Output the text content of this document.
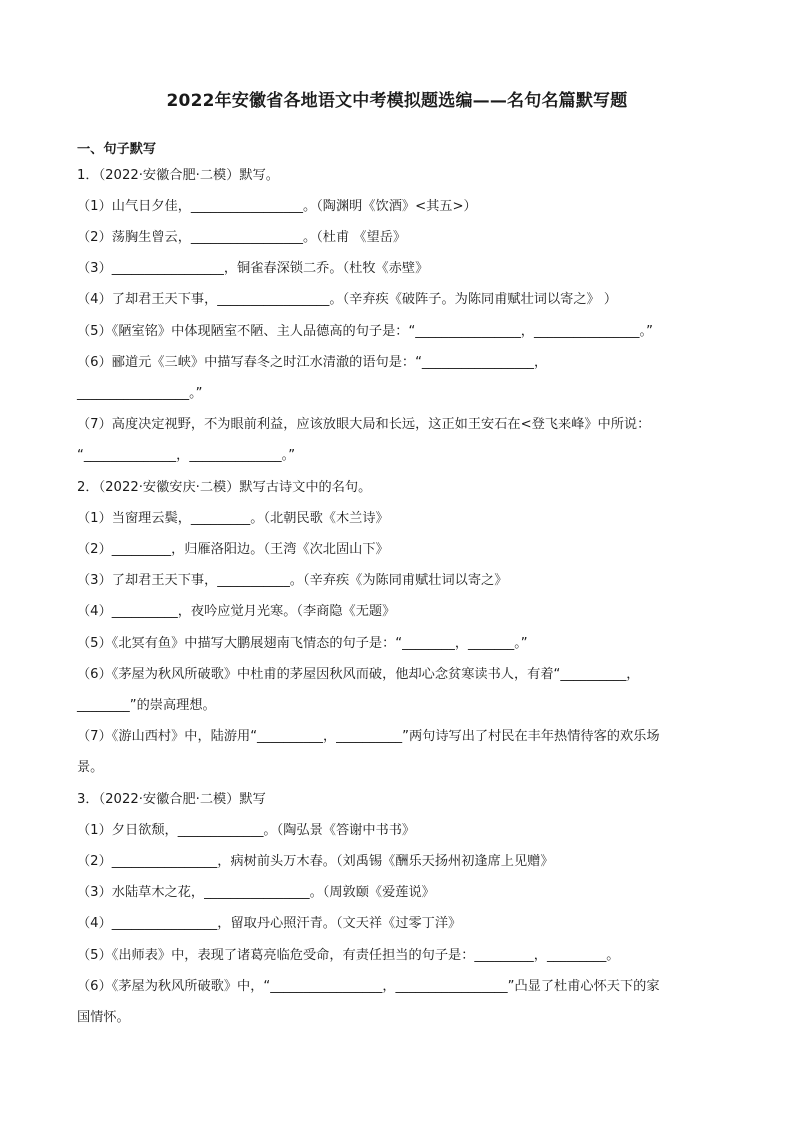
2022年安徽省各地语文中考模拟题选编——名句名篇默写题
一、句子默写
1．（2022·安徽合肥·二模）默写。
（1）山气日夕佳，_________________。（陶渊明《饮酒》<其五>）
（2）荡胸生曾云，_________________。（杜甫 《望岳》
（3）_________________，铜雀春深锁二乔。（杜牧《赤壁》
（4）了却君王天下事，_________________。（辛弃疾《破阵子。为陈同甫赋壮词以寄之》 ）
（5）《陋室铭》中体现陋室不陋、主人品德高的句子是：“________________，________________。”
（6）郦道元《三峡》中描写春冬之时江水清澈的语句是：“_________________，
_________________。”
（7）高度决定视野，不为眼前利益，应该放眼大局和长远，这正如王安石在<登飞来峰》中所说：
“______________，______________。”
2．（2022·安徽安庆·二模）默写古诗文中的名句。
（1）当窗理云鬓，_________。（北朝民歌《木兰诗》
（2）_________，归雁洛阳边。（王湾《次北固山下》
（3）了却君王天下事，___________。（辛弃疾《为陈同甫赋壮词以寄之》
（4）__________，夜吟应觉月光寒。（李商隐《无题》
（5）《北冥有鱼》中描写大鹏展翅南飞情态的句子是：“________，_______。”
（6）《茅屋为秋风所破歌》中杜甫的茅屋因秋风而破，他却心念贫寒读书人，有着“__________，
________”的崇高理想。
（7）《游山西村》中，陆游用“__________，__________”两句诗写出了村民在丰年热情待客的欢乐场
景。
3．（2022·安徽合肥·二模）默写
（1）夕日欲颓，_____________。（陶弘景《答谢中书书》
（2）________________，病树前头万木春。（刘禹锡《酬乐天扬州初逢席上见赠》
（3）水陆草木之花，________________。（周敦颐《爱莲说》
（4）________________，留取丹心照汗青。（文天祥《过零丁洋》
（5）《出师表》中，表现了诸葛亮临危受命，有责任担当的句子是：_________，_________。
（6）《茅屋为秋风所破歌》中，“_________________，_________________”凸显了杜甫心怀天下的家
国情怀。
